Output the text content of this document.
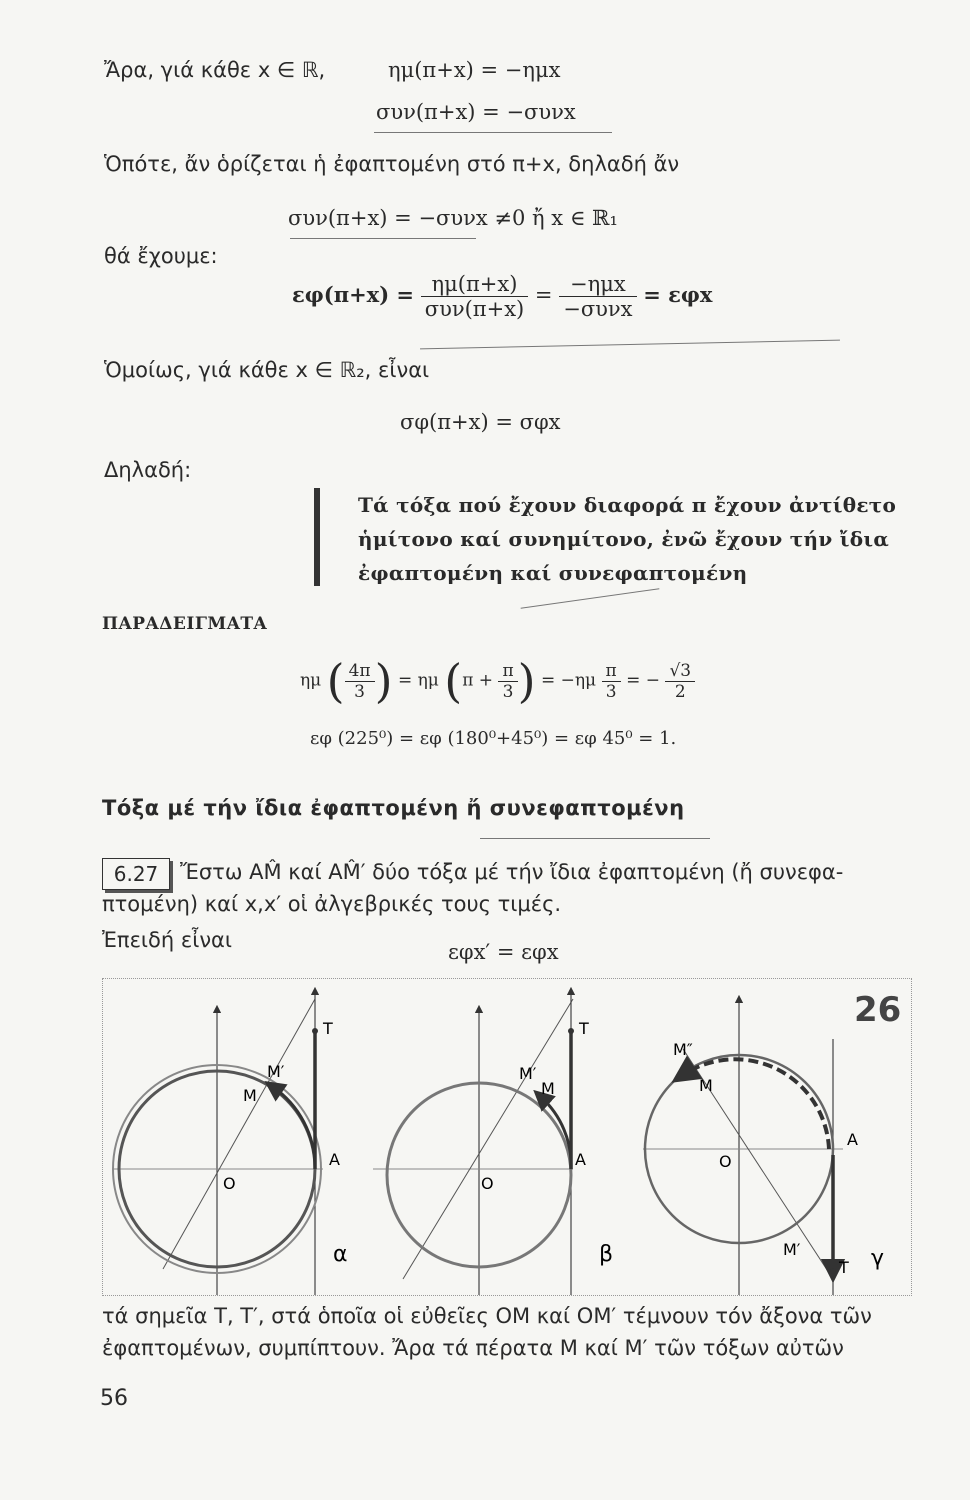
Ἄρα, γιά κάθε x ∈ ℝ,	ημ(π+x) = −ημx
συν(π+x) = −συνx
Ὁπότε, ἄν ὁρίζεται ἡ ἐφαπτομένη στό π+x, δηλαδή ἄν
συν(π+x) = −συνx ≠0 ἤ x ∈ ℝ₁
θά ἔχουμε:
$\varepsilon\varphi(\pi+x) = \frac{\eta\mu(\pi+x)}{\text{συν(π+x)}} = \frac{\text{−ημx}}{\text{−συνx}} = \varepsilon\varphi x$
Ὁμοίως, γιά κάθε x ∈ ℝ₂, εἶναι
σφ(π+x) = σφx
Δηλαδή:
Τά τόξα πού ἔχουν διαφορά π ἔχουν ἀντίθετο ἡμίτονο καί συνημίτονο, ἐνῶ ἔχουν τήν ἴδια ἐφαπτομένη καί συνεφαπτομένη
ΠΑΡΑΔΕΙΓΜΑΤΑ
ημ ( $\frac{4\pi}{3}$ ) = ημ ($\pi + \frac{\pi}{3}$ ) = $-\eta\mu \frac{\pi}{3}$ = − $\frac{√3}{2}$
εφ (225⁰) = εφ (180⁰+45⁰) = εφ 45⁰ = 1.
Τόξα μέ τήν ἴδια ἐφαπτομένη ἤ συνεφαπτομένη
6.27	Ἔστω AM̂ καί AM̂′ δύο τόξα μέ τήν ἴδια ἐφαπτομένη (ἤ συνεφα-
πτομένη) καί x,x′ οἱ ἀλγεβρικές τους τιμές.
Ἐπειδή εἶναι	εφx′ = εφx
T
M′
M
A
O
α
T
M′
M
A
O
β
M″
M
A
O
M′
T γ
26
τά σημεῖα T, T′, στά ὁποῖα οἱ εὐθεῖες OM καί OM′ τέμνουν τόν ἄξονα τῶν
ἐφαπτομένων, συμπίπτουν. Ἄρα τά πέρατα M καί M′ τῶν τόξων αὐτῶν
56
